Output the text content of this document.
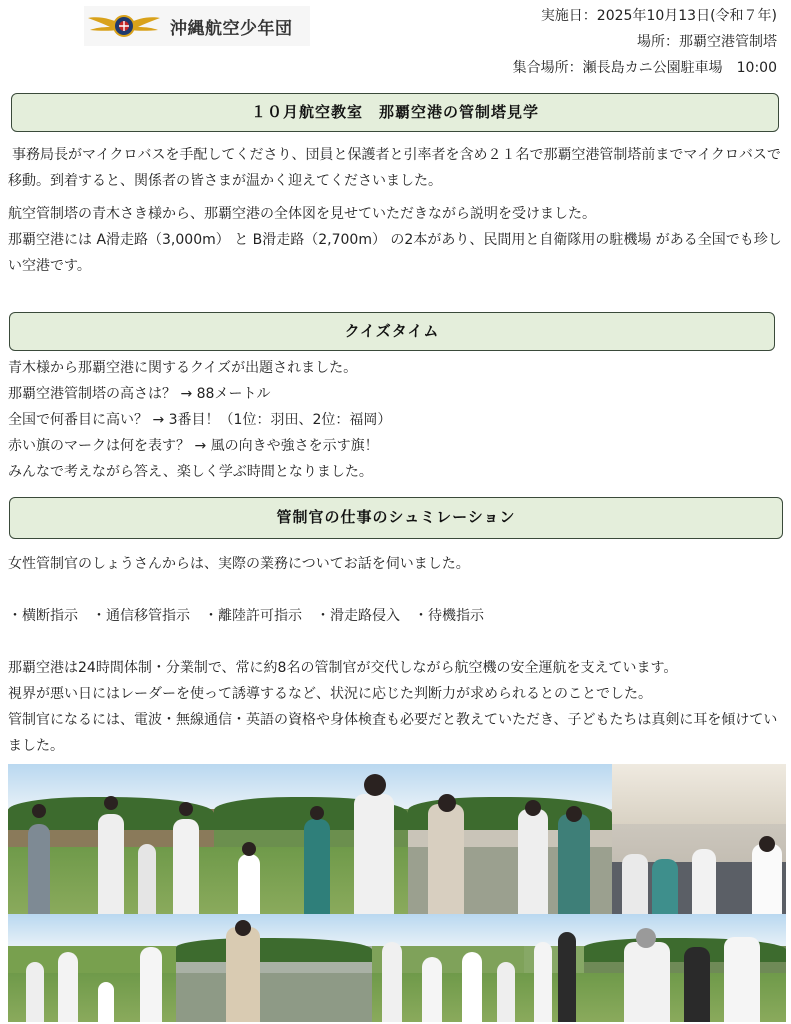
沖縄航空少年団
実施日：2025年10月13日(令和７年)
場所：那覇空港管制塔
集合場所：瀬長島カニ公園駐車場　10:00
１０月航空教室　那覇空港の管制塔見学
事務局長がマイクロバスを手配してくださり、団員と保護者と引率者を含め２１名で那覇空港管制塔前までマイクロバスで移動。到着すると、関係者の皆さまが温かく迎えてくださいました。
航空管制塔の青木さき様から、那覇空港の全体図を見せていただきながら説明を受けました。
那覇空港には A滑走路（3,000m） と B滑走路（2,700m） の2本があり、民間用と自衛隊用の駐機場 がある全国でも珍しい空港です。
クイズタイム
青木様から那覇空港に関するクイズが出題されました。
那覇空港管制塔の高さは？ → 88メートル
全国で何番目に高い？ → 3番目！（1位：羽田、2位：福岡）
赤い旗のマークは何を表す？ → 風の向きや強さを示す旗！
みんなで考えながら答え、楽しく学ぶ時間となりました。
管制官の仕事のシュミレーション
女性管制官のしょうさんからは、実際の業務についてお話を伺いました。
・横断指示　・通信移管指示　・離陸許可指示　・滑走路侵入　・待機指示
那覇空港は24時間体制・分業制で、常に約8名の管制官が交代しながら航空機の安全運航を支えています。
視界が悪い日にはレーダーを使って誘導するなど、状況に応じた判断力が求められるとのことでした。
管制官になるには、電波・無線通信・英語の資格や身体検査も必要だと教えていただき、子どもたちは真剣に耳を傾けていました。
